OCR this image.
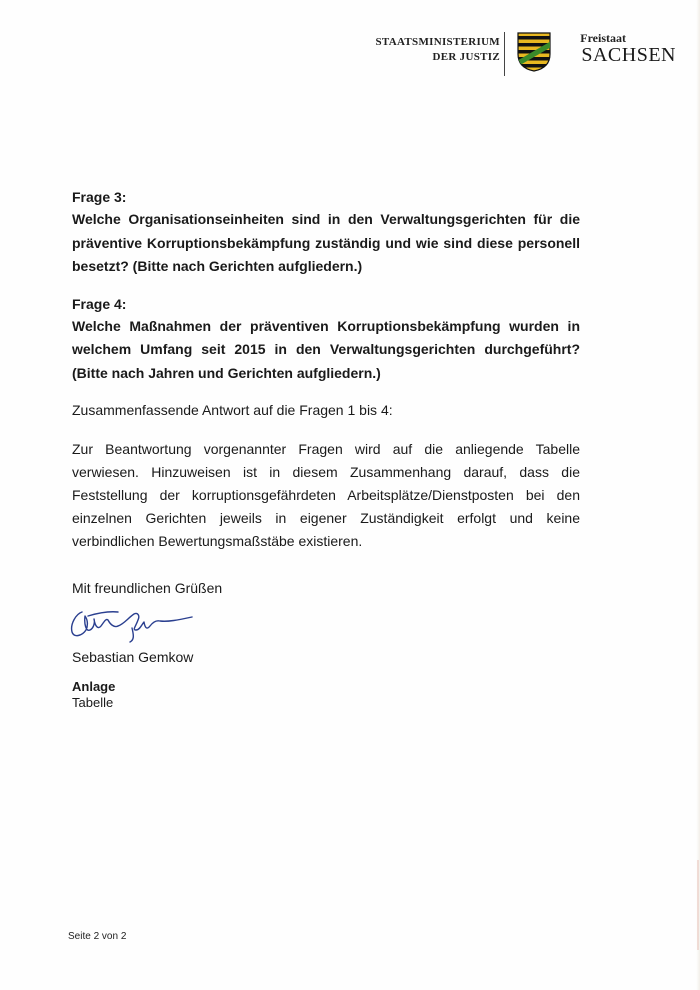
STAATSMINISTERIUM
DER JUSTIZ
Freistaat
SACHSEN

Frage 3:

Welche Organisationseinheiten sind in den Verwaltungsgerichten für die präventive Korruptionsbekämpfung zuständig und wie sind diese personell besetzt? (Bitte nach Gerichten aufgliedern.)

Frage 4:

Welche Maßnahmen der präventiven Korruptionsbekämpfung wurden in welchem Umfang seit 2015 in den Verwaltungsgerichten durchgeführt? (Bitte nach Jahren und Gerichten aufgliedern.)

Zusammenfassende Antwort auf die Fragen 1 bis 4:

Zur Beantwortung vorgenannter Fragen wird auf die anliegende Tabelle verwiesen. Hinzuweisen ist in diesem Zusammenhang darauf, dass die Feststellung der korruptionsgefährdeten Arbeitsplätze/Dienstposten bei den einzelnen Gerichten jeweils in eigener Zuständigkeit erfolgt und keine verbindlichen Bewertungsmaßstäbe existieren.

Mit freundlichen Grüßen

Sebastian Gemkow

Anlage
Tabelle
Seite 2 von 2
